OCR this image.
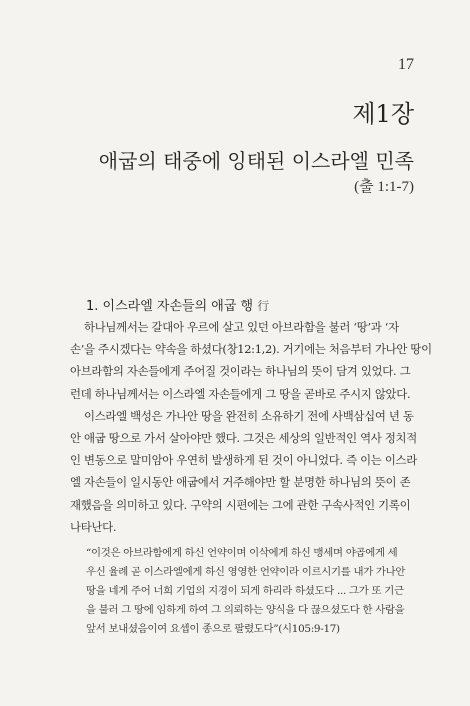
17
제1장
애굽의 태중에 잉태된 이스라엘 민족
(출 1:1-7)
1. 이스라엘 자손들의 애굽 행 行
하나님께서는 갈대아 우르에 살고 있던 아브라함을 불러 ‘땅’과 ‘자
손’을 주시겠다는 약속을 하셨다(창12:1,2). 거기에는 처음부터 가나안 땅이
아브라함의 자손들에게 주어질 것이라는 하나님의 뜻이 담겨 있었다. 그
런데 하나님께서는 이스라엘 자손들에게 그 땅을 곧바로 주시지 않았다.
이스라엘 백성은 가나안 땅을 완전히 소유하기 전에 사백삼십여 년 동
안 애굽 땅으로 가서 살아야만 했다. 그것은 세상의 일반적인 역사 정치적
인 변동으로 말미암아 우연히 발생하게 된 것이 아니었다. 즉 이는 이스라
엘 자손들이 일시동안 애굽에서 거주해야만 할 분명한 하나님의 뜻이 존
재했음을 의미하고 있다. 구약의 시편에는 그에 관한 구속사적인 기록이
나타난다.
“이것은 아브라함에게 하신 언약이며 이삭에게 하신 맹세며 야곱에게 세
우신 율례 곧 이스라엘에게 하신 영영한 언약이라 이르시기를 내가 가나안
땅을 네게 주어 너희 기업의 지경이 되게 하리라 하셨도다 ... 그가 또 기근
을 불러 그 땅에 임하게 하여 그 의뢰하는 양식을 다 끊으셨도다 한 사람을
앞서 보내셨음이여 요셉이 종으로 팔렸도다”(시105:9-17)
